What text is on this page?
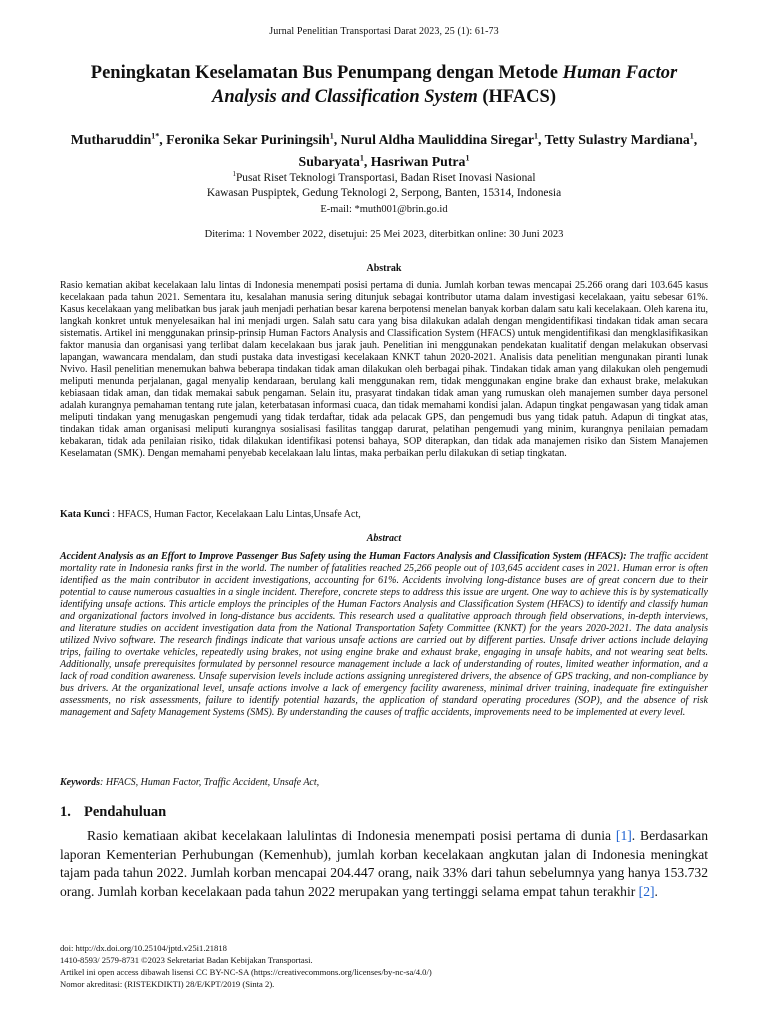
Jurnal Penelitian Transportasi Darat 2023, 25 (1): 61-73
Peningkatan Keselamatan Bus Penumpang dengan Metode Human Factor Analysis and Classification System (HFACS)
Mutharuddin$^{1*}$, Feronika Sekar Puriningsih$^1$, Nurul Aldha Mauliddina Siregar$^1$, Tetty Sulastry Mardiana$^1$, Subaryata$^1$, Hasriwan Putra$^1$
$^1$Pusat Riset Teknologi Transportasi, Badan Riset Inovasi Nasional
Kawasan Puspiptek, Gedung Teknologi 2, Serpong, Banten, 15314, Indonesia
E-mail: *muth001@brin.go.id
Diterima: 1 November 2022, disetujui: 25 Mei 2023, diterbitkan online: 30 Juni 2023
Abstrak
Rasio kematian akibat kecelakaan lalu lintas di Indonesia menempati posisi pertama di dunia. Jumlah korban tewas mencapai 25.266 orang dari 103.645 kasus kecelakaan pada tahun 2021. Sementara itu, kesalahan manusia sering ditunjuk sebagai kontributor utama dalam investigasi kecelakaan, yaitu sebesar 61%. Kasus kecelakaan yang melibatkan bus jarak jauh menjadi perhatian besar karena berpotensi menelan banyak korban dalam satu kali kecelakaan. Oleh karena itu, langkah konkret untuk menyelesaikan hal ini menjadi urgen. Salah satu cara yang bisa dilakukan adalah dengan mengidentifikasi tindakan tidak aman secara sistematis. Artikel ini menggunakan prinsip-prinsip Human Factors Analysis and Classification System (HFACS) untuk mengidentifikasi dan mengklasifikasikan faktor manusia dan organisasi yang terlibat dalam kecelakaan bus jarak jauh. Penelitian ini menggunakan pendekatan kualitatif dengan melakukan observasi lapangan, wawancara mendalam, dan studi pustaka data investigasi kecelakaan KNKT tahun 2020-2021. Analisis data penelitian mengunakan piranti lunak Nvivo. Hasil penelitian menemukan bahwa beberapa tindakan tidak aman dilakukan oleh berbagai pihak. Tindakan tidak aman yang dilakukan oleh pengemudi meliputi menunda perjalanan, gagal menyalip kendaraan, berulang kali menggunakan rem, tidak menggunakan engine brake dan exhaust brake, melakukan kebiasaan tidak aman, dan tidak memakai sabuk pengaman. Selain itu, prasyarat tindakan tidak aman yang rumuskan oleh manajemen sumber daya personel adalah kurangnya pemahaman tentang rute jalan, keterbatasan informasi cuaca, dan tidak memahami kondisi jalan. Adapun tingkat pengawasan yang tidak aman meliputi tindakan yang menugaskan pengemudi yang tidak terdaftar, tidak ada pelacak GPS, dan pengemudi bus yang tidak patuh. Adapun di tingkat atas, tindakan tidak aman organisasi meliputi kurangnya sosialisasi fasilitas tanggap darurat, pelatihan pengemudi yang minim, kurangnya penilaian pemadam kebakaran, tidak ada penilaian risiko, tidak dilakukan identifikasi potensi bahaya, SOP diterapkan, dan tidak ada manajemen risiko dan Sistem Manajemen Keselamatan (SMK). Dengan memahami penyebab kecelakaan lalu lintas, maka perbaikan perlu dilakukan di setiap tingkatan.
Kata Kunci : HFACS, Human Factor, Kecelakaan Lalu Lintas,Unsafe Act,
Abstract
Accident Analysis as an Effort to Improve Passenger Bus Safety using the Human Factors Analysis and Classification System (HFACS): The traffic accident mortality rate in Indonesia ranks first in the world. The number of fatalities reached 25,266 people out of 103,645 accident cases in 2021. Human error is often identified as the main contributor in accident investigations, accounting for 61%. Accidents involving long-distance buses are of great concern due to their potential to cause numerous casualties in a single incident. Therefore, concrete steps to address this issue are urgent. One way to achieve this is by systematically identifying unsafe actions. This article employs the principles of the Human Factors Analysis and Classification System (HFACS) to identify and classify human and organizational factors involved in long-distance bus accidents. This research used a qualitative approach through field observations, in-depth interviews, and literature studies on accident investigation data from the National Transportation Safety Committee (KNKT) for the years 2020-2021. The data analysis utilized Nvivo software. The research findings indicate that various unsafe actions are carried out by different parties. Unsafe driver actions include delaying trips, failing to overtake vehicles, repeatedly using brakes, not using engine brake and exhaust brake, engaging in unsafe habits, and not wearing seat belts. Additionally, unsafe prerequisites formulated by personnel resource management include a lack of understanding of routes, limited weather information, and a lack of road condition awareness. Unsafe supervision levels include actions assigning unregistered drivers, the absence of GPS tracking, and non-compliance by bus drivers. At the organizational level, unsafe actions involve a lack of emergency facility awareness, minimal driver training, inadequate fire extinguisher assessments, no risk assessments, failure to identify potential hazards, the application of standard operating procedures (SOP), and the absence of risk management and Safety Management Systems (SMS). By understanding the causes of traffic accidents, improvements need to be implemented at every level.
Keywords: HFACS, Human Factor, Traffic Accident, Unsafe Act,
1. Pendahuluan
Rasio kematiaan akibat kecelakaan lalulintas di Indonesia menempati posisi pertama di dunia [1]. Berdasarkan laporan Kementerian Perhubungan (Kemenhub), jumlah korban kecelakaan angkutan jalan di Indonesia meningkat tajam pada tahun 2022. Jumlah korban mencapai 204.447 orang, naik 33% dari tahun sebelumnya yang hanya 153.732 orang. Jumlah korban kecelakaan pada tahun 2022 merupakan yang tertinggi selama empat tahun terakhir [2].
doi: http://dx.doi.org/10.25104/jptd.v25i1.21818
1410-8593/ 2579-8731 ©2023 Sekretariat Badan Kebijakan Transportasi.
Artikel ini open access dibawah lisensi CC BY-NC-SA (https://creativecommons.org/licenses/by-nc-sa/4.0/)
Nomor akreditasi: (RISTEKDIKTI) 28/E/KPT/2019 (Sinta 2).
